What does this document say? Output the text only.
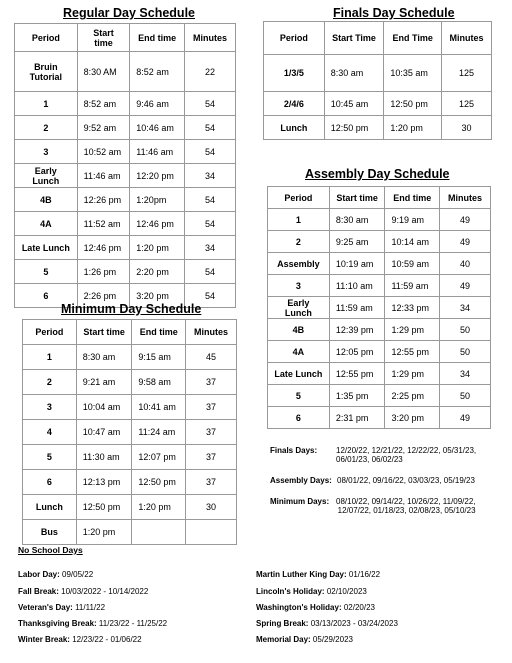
Regular Day Schedule
Period	Start time	End time	Minutes
Bruin Tutorial	8:30 AM	8:52 am	22
1	8:52 am	9:46 am	54
2	9:52 am	10:46 am	54
3	10:52 am	11:46 am	54
Early Lunch	11:46 am	12:20 pm	34
4B	12:26 pm	1:20pm	54
4A	11:52 am	12:46 pm	54
Late Lunch	12:46 pm	1:20 pm	34
5	1:26 pm	2:20 pm	54
6	2:26 pm	3:20 pm	54
Minimum Day Schedule
Period	Start time	End time	Minutes
1	8:30 am	9:15 am	45
2	9:21 am	9:58 am	37
3	10:04 am	10:41 am	37
4	10:47 am	11:24 am	37
5	11:30 am	12:07 pm	37
6	12:13 pm	12:50 pm	37
Lunch	12:50 pm	1:20 pm	30
Bus	1:20 pm		
Finals Day Schedule
Period	Start Time	End Time	Minutes
1/3/5	8:30 am	10:35 am	125
2/4/6	10:45 am	12:50 pm	125
Lunch	12:50 pm	1:20 pm	30
Assembly Day Schedule
Period	Start time	End time	Minutes
1	8:30 am	9:19 am	49
2	9:25 am	10:14 am	49
Assembly	10:19 am	10:59 am	40
3	11:10 am	11:59 am	49
Early Lunch	11:59 am	12:33 pm	34
4B	12:39 pm	1:29 pm	50
4A	12:05 pm	12:55 pm	50
Late Lunch	12:55 pm	1:29 pm	34
5	1:35 pm	2:25 pm	50
6	2:31 pm	3:20 pm	49
Finals Days: 12/20/22, 12/21/22, 12/22/22, 05/31/23,
06/01/23, 06/02/23
Assembly Days: 08/01/22, 09/16/22, 03/03/23, 05/19/23
Minimum Days: 08/10/22, 09/14/22, 10/26/22, 11/09/22,
12/07/22, 01/18/23, 02/08/23, 05/10/23
No School Days
Labor Day: 09/05/22
Fall Break: 10/03/2022 - 10/14/2022
Veteran's Day: 11/11/22
Thanksgiving Break: 11/23/22 - 11/25/22
Winter Break: 12/23/22 - 01/06/22
Martin Luther King Day: 01/16/22
Lincoln's Holiday: 02/10/2023
Washington's Holiday: 02/20/23
Spring Break: 03/13/2023 - 03/24/2023
Memorial Day: 05/29/2023
